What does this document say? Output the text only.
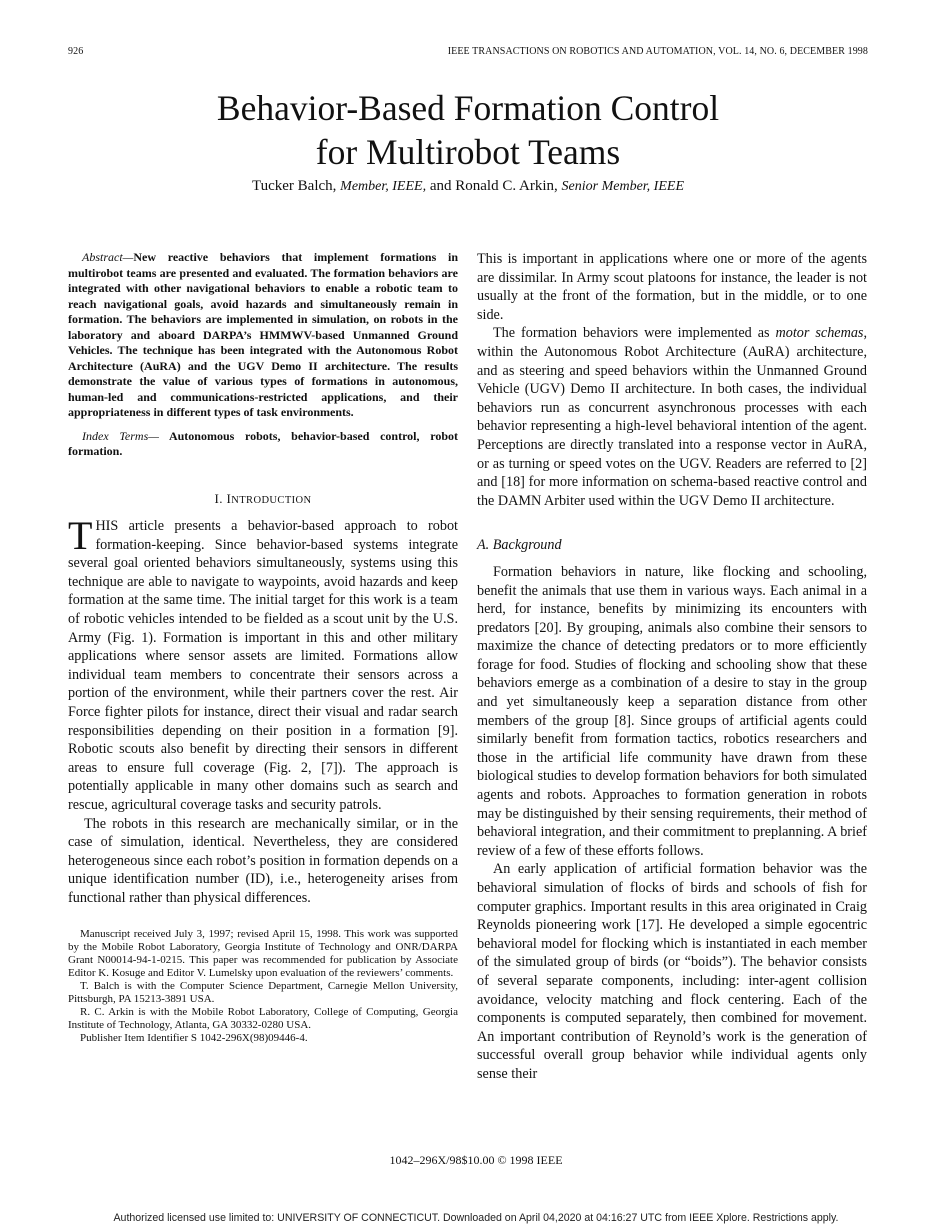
926	IEEE TRANSACTIONS ON ROBOTICS AND AUTOMATION, VOL. 14, NO. 6, DECEMBER 1998
Behavior-Based Formation Control
for Multirobot Teams
Tucker Balch, Member, IEEE, and Ronald C. Arkin, Senior Member, IEEE

Abstract—New reactive behaviors that implement formations in multirobot teams are presented and evaluated. The formation behaviors are integrated with other navigational behaviors to enable a robotic team to reach navigational goals, avoid hazards and simultaneously remain in formation. The behaviors are implemented in simulation, on robots in the laboratory and aboard DARPA’s HMMWV-based Unmanned Ground Vehicles. The technique has been integrated with the Autonomous Robot Architecture (AuRA) and the UGV Demo II architecture. The results demonstrate the value of various types of formations in autonomous, human-led and communications-restricted applications, and their appropriateness in different types of task environments.

Index Terms— Autonomous robots, behavior-based control, robot formation.

I. INTRODUCTION

THIS article presents a behavior-based approach to robot formation-keeping. Since behavior-based systems integrate several goal oriented behaviors simultaneously, systems using this technique are able to navigate to waypoints, avoid hazards and keep formation at the same time. The initial target for this work is a team of robotic vehicles intended to be fielded as a scout unit by the U.S. Army (Fig. 1). Formation is important in this and other military applications where sensor assets are limited. Formations allow individual team members to concentrate their sensors across a portion of the environment, while their partners cover the rest. Air Force fighter pilots for instance, direct their visual and radar search responsibilities depending on their position in a formation [9]. Robotic scouts also benefit by directing their sensors in different areas to ensure full coverage (Fig. 2, [7]). The approach is potentially applicable in many other domains such as search and rescue, agricultural coverage tasks and security patrols.

The robots in this research are mechanically similar, or in the case of simulation, identical. Nevertheless, they are considered heterogeneous since each robot’s position in formation depends on a unique identification number (ID), i.e., heterogeneity arises from functional rather than physical differences.

Manuscript received July 3, 1997; revised April 15, 1998. This work was supported by the Mobile Robot Laboratory, Georgia Institute of Technology and ONR/DARPA Grant N00014-94-1-0215. This paper was recommended for publication by Associate Editor K. Kosuge and Editor V. Lumelsky upon evaluation of the reviewers’ comments.

T. Balch is with the Computer Science Department, Carnegie Mellon University, Pittsburgh, PA 15213-3891 USA.

R. C. Arkin is with the Mobile Robot Laboratory, College of Computing, Georgia Institute of Technology, Atlanta, GA 30332-0280 USA.

Publisher Item Identifier S 1042-296X(98)09446-4.

This is important in applications where one or more of the agents are dissimilar. In Army scout platoons for instance, the leader is not usually at the front of the formation, but in the middle, or to one side.

The formation behaviors were implemented as motor schemas, within the Autonomous Robot Architecture (AuRA) architecture, and as steering and speed behaviors within the Unmanned Ground Vehicle (UGV) Demo II architecture. In both cases, the individual behaviors run as concurrent asynchronous processes with each behavior representing a high-level behavioral intention of the agent. Perceptions are directly translated into a response vector in AuRA, or as turning or speed votes on the UGV. Readers are referred to [2] and [18] for more information on schema-based reactive control and the DAMN Arbiter used within the UGV Demo II architecture.

A. Background

Formation behaviors in nature, like flocking and schooling, benefit the animals that use them in various ways. Each animal in a herd, for instance, benefits by minimizing its encounters with predators [20]. By grouping, animals also combine their sensors to maximize the chance of detecting predators or to more efficiently forage for food. Studies of flocking and schooling show that these behaviors emerge as a combination of a desire to stay in the group and yet simultaneously keep a separation distance from other members of the group [8]. Since groups of artificial agents could similarly benefit from formation tactics, robotics researchers and those in the artificial life community have drawn from these biological studies to develop formation behaviors for both simulated agents and robots. Approaches to formation generation in robots may be distinguished by their sensing requirements, their method of behavioral integration, and their commitment to preplanning. A brief review of a few of these efforts follows.

An early application of artificial formation behavior was the behavioral simulation of flocks of birds and schools of fish for computer graphics. Important results in this area originated in Craig Reynolds pioneering work [17]. He developed a simple egocentric behavioral model for flocking which is instantiated in each member of the simulated group of birds (or “boids”). The behavior consists of several separate components, including: inter-agent collision avoidance, velocity matching and flock centering. Each of the components is computed separately, then combined for movement. An important contribution of Reynold’s work is the generation of successful overall group behavior while individual agents only sense their

1042–296X/98$10.00 © 1998 IEEE
Authorized licensed use limited to: UNIVERSITY OF CONNECTICUT. Downloaded on April 04,2020 at 04:16:27 UTC from IEEE Xplore. Restrictions apply.
